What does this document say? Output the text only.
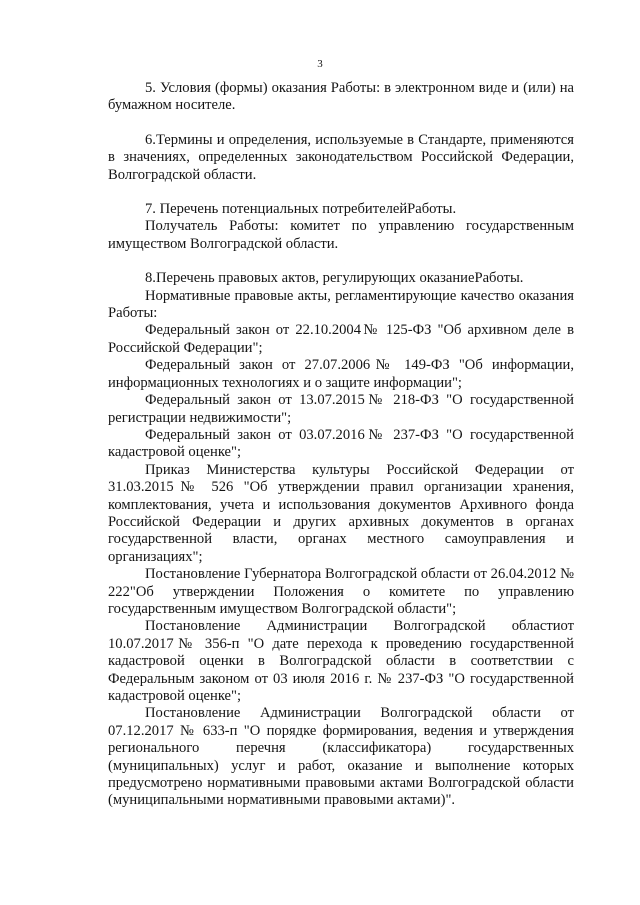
3

5. Условия (формы) оказания Работы: в электронном виде и (или) на бумажном носителе.

6.Термины и определения, используемые в Стандарте, применяются в значениях, определенных законодательством Российской Федерации, Волгоградской области.

7. Перечень потенциальных потребителейРаботы.

Получатель Работы: комитет по управлению государственным имуществом Волгоградской области.

8.Перечень правовых актов, регулирующих оказаниеРаботы.

Нормативные правовые акты, регламентирующие качество оказания Работы:

Федеральный закон от 22.10.2004№ 125-ФЗ "Об архивном деле в Российской Федерации";

Федеральный закон от 27.07.2006№ 149-ФЗ "Об информации, информационных технологиях и о защите информации";

Федеральный закон от 13.07.2015№ 218-ФЗ "О государственной регистрации недвижимости";

Федеральный закон от 03.07.2016№ 237-ФЗ "О государственной кадастровой оценке";

Приказ Министерства культуры Российской Федерации от 31.03.2015№ 526 "Об утверждении правил организации хранения, комплектования, учета и использования документов Архивного фонда Российской Федерации и других архивных документов в органах государственной власти, органах местного самоуправления и организациях";

Постановление Губернатора Волгоградской области от 26.04.2012 № 222"Об утверждении Положения о комитете по управлению государственным имуществом Волгоградской области";

Постановление Администрации Волгоградской областиот 10.07.2017№ 356-п "О дате перехода к проведению государственной кадастровой оценки в Волгоградской области в соответствии с Федеральным законом от 03 июля 2016 г. № 237-ФЗ "О государственной кадастровой оценке";

Постановление Администрации Волгоградской области от 07.12.2017 № 633-п "О порядке формирования, ведения и утверждения регионального перечня (классификатора) государственных (муниципальных) услуг и работ, оказание и выполнение которых предусмотрено нормативными правовыми актами Волгоградской области (муниципальными нормативными правовыми актами)".
